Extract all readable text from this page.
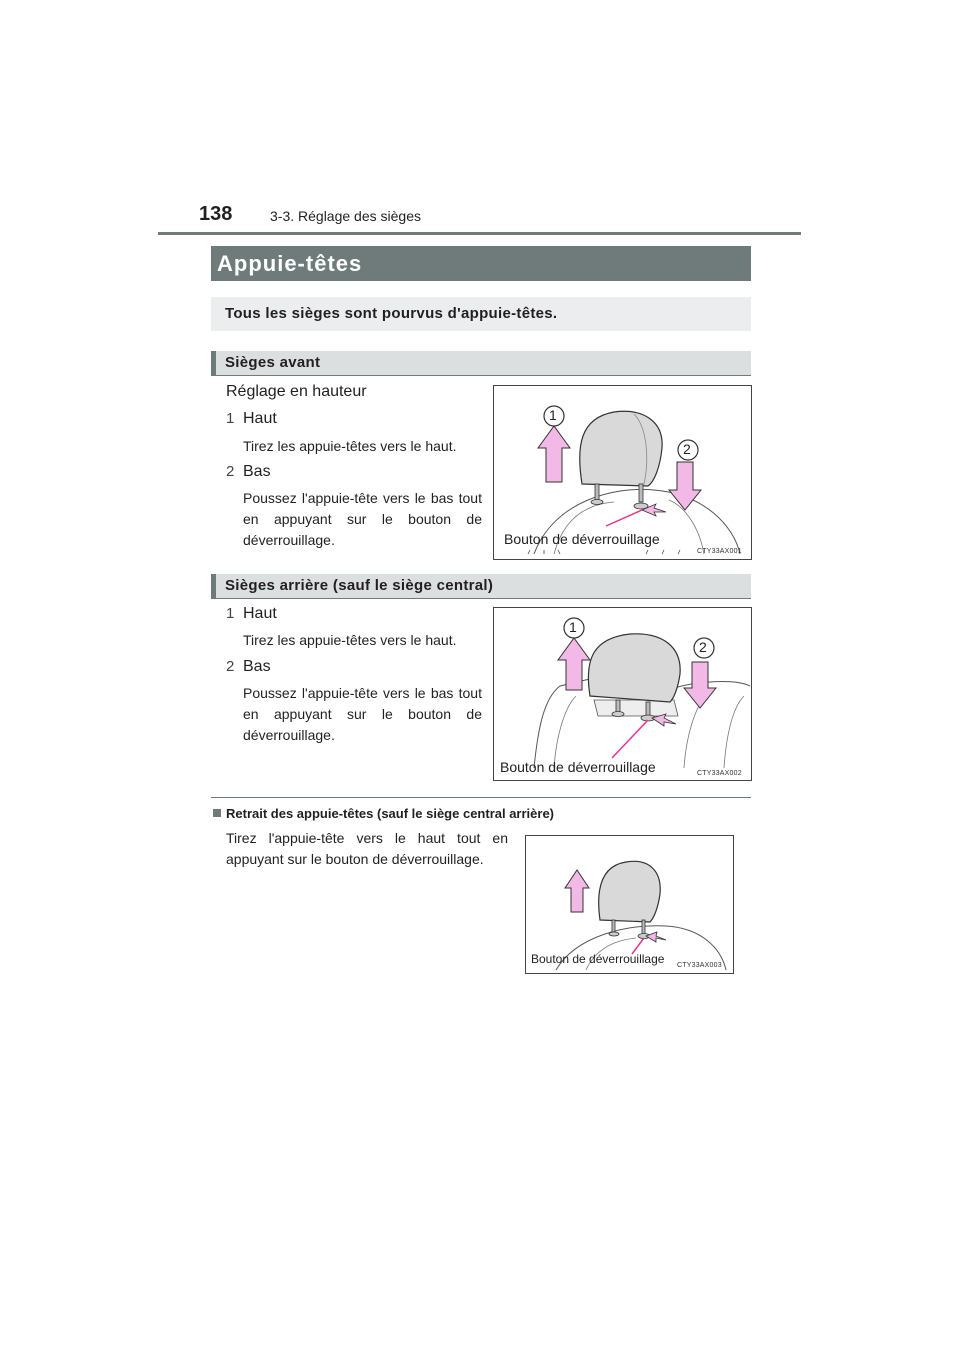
138	3-3. Réglage des sièges
Appuie-têtes
Tous les sièges sont pourvus d'appuie-têtes.
Sièges avant
Réglage en hauteur
1 Haut
Tirez les appuie-têtes vers le haut.
2 Bas
Poussez l'appuie-tête vers le bas tout en appuyant sur le bouton de déverrouillage.
1
2
Bouton de déverrouillage
CTY33AX001
Sièges arrière (sauf le siège central)
1 Haut
Tirez les appuie-têtes vers le haut.
2 Bas
Poussez l'appuie-tête vers le bas tout en appuyant sur le bouton de déverrouillage.
1
2
Bouton de déverrouillage	CTY33AX002
Retrait des appuie-têtes (sauf le siège central arrière)
Tirez l'appuie-tête vers le haut tout en appuyant sur le bouton de déverrouillage.
Bouton de déverrouillage CTY33AX003
